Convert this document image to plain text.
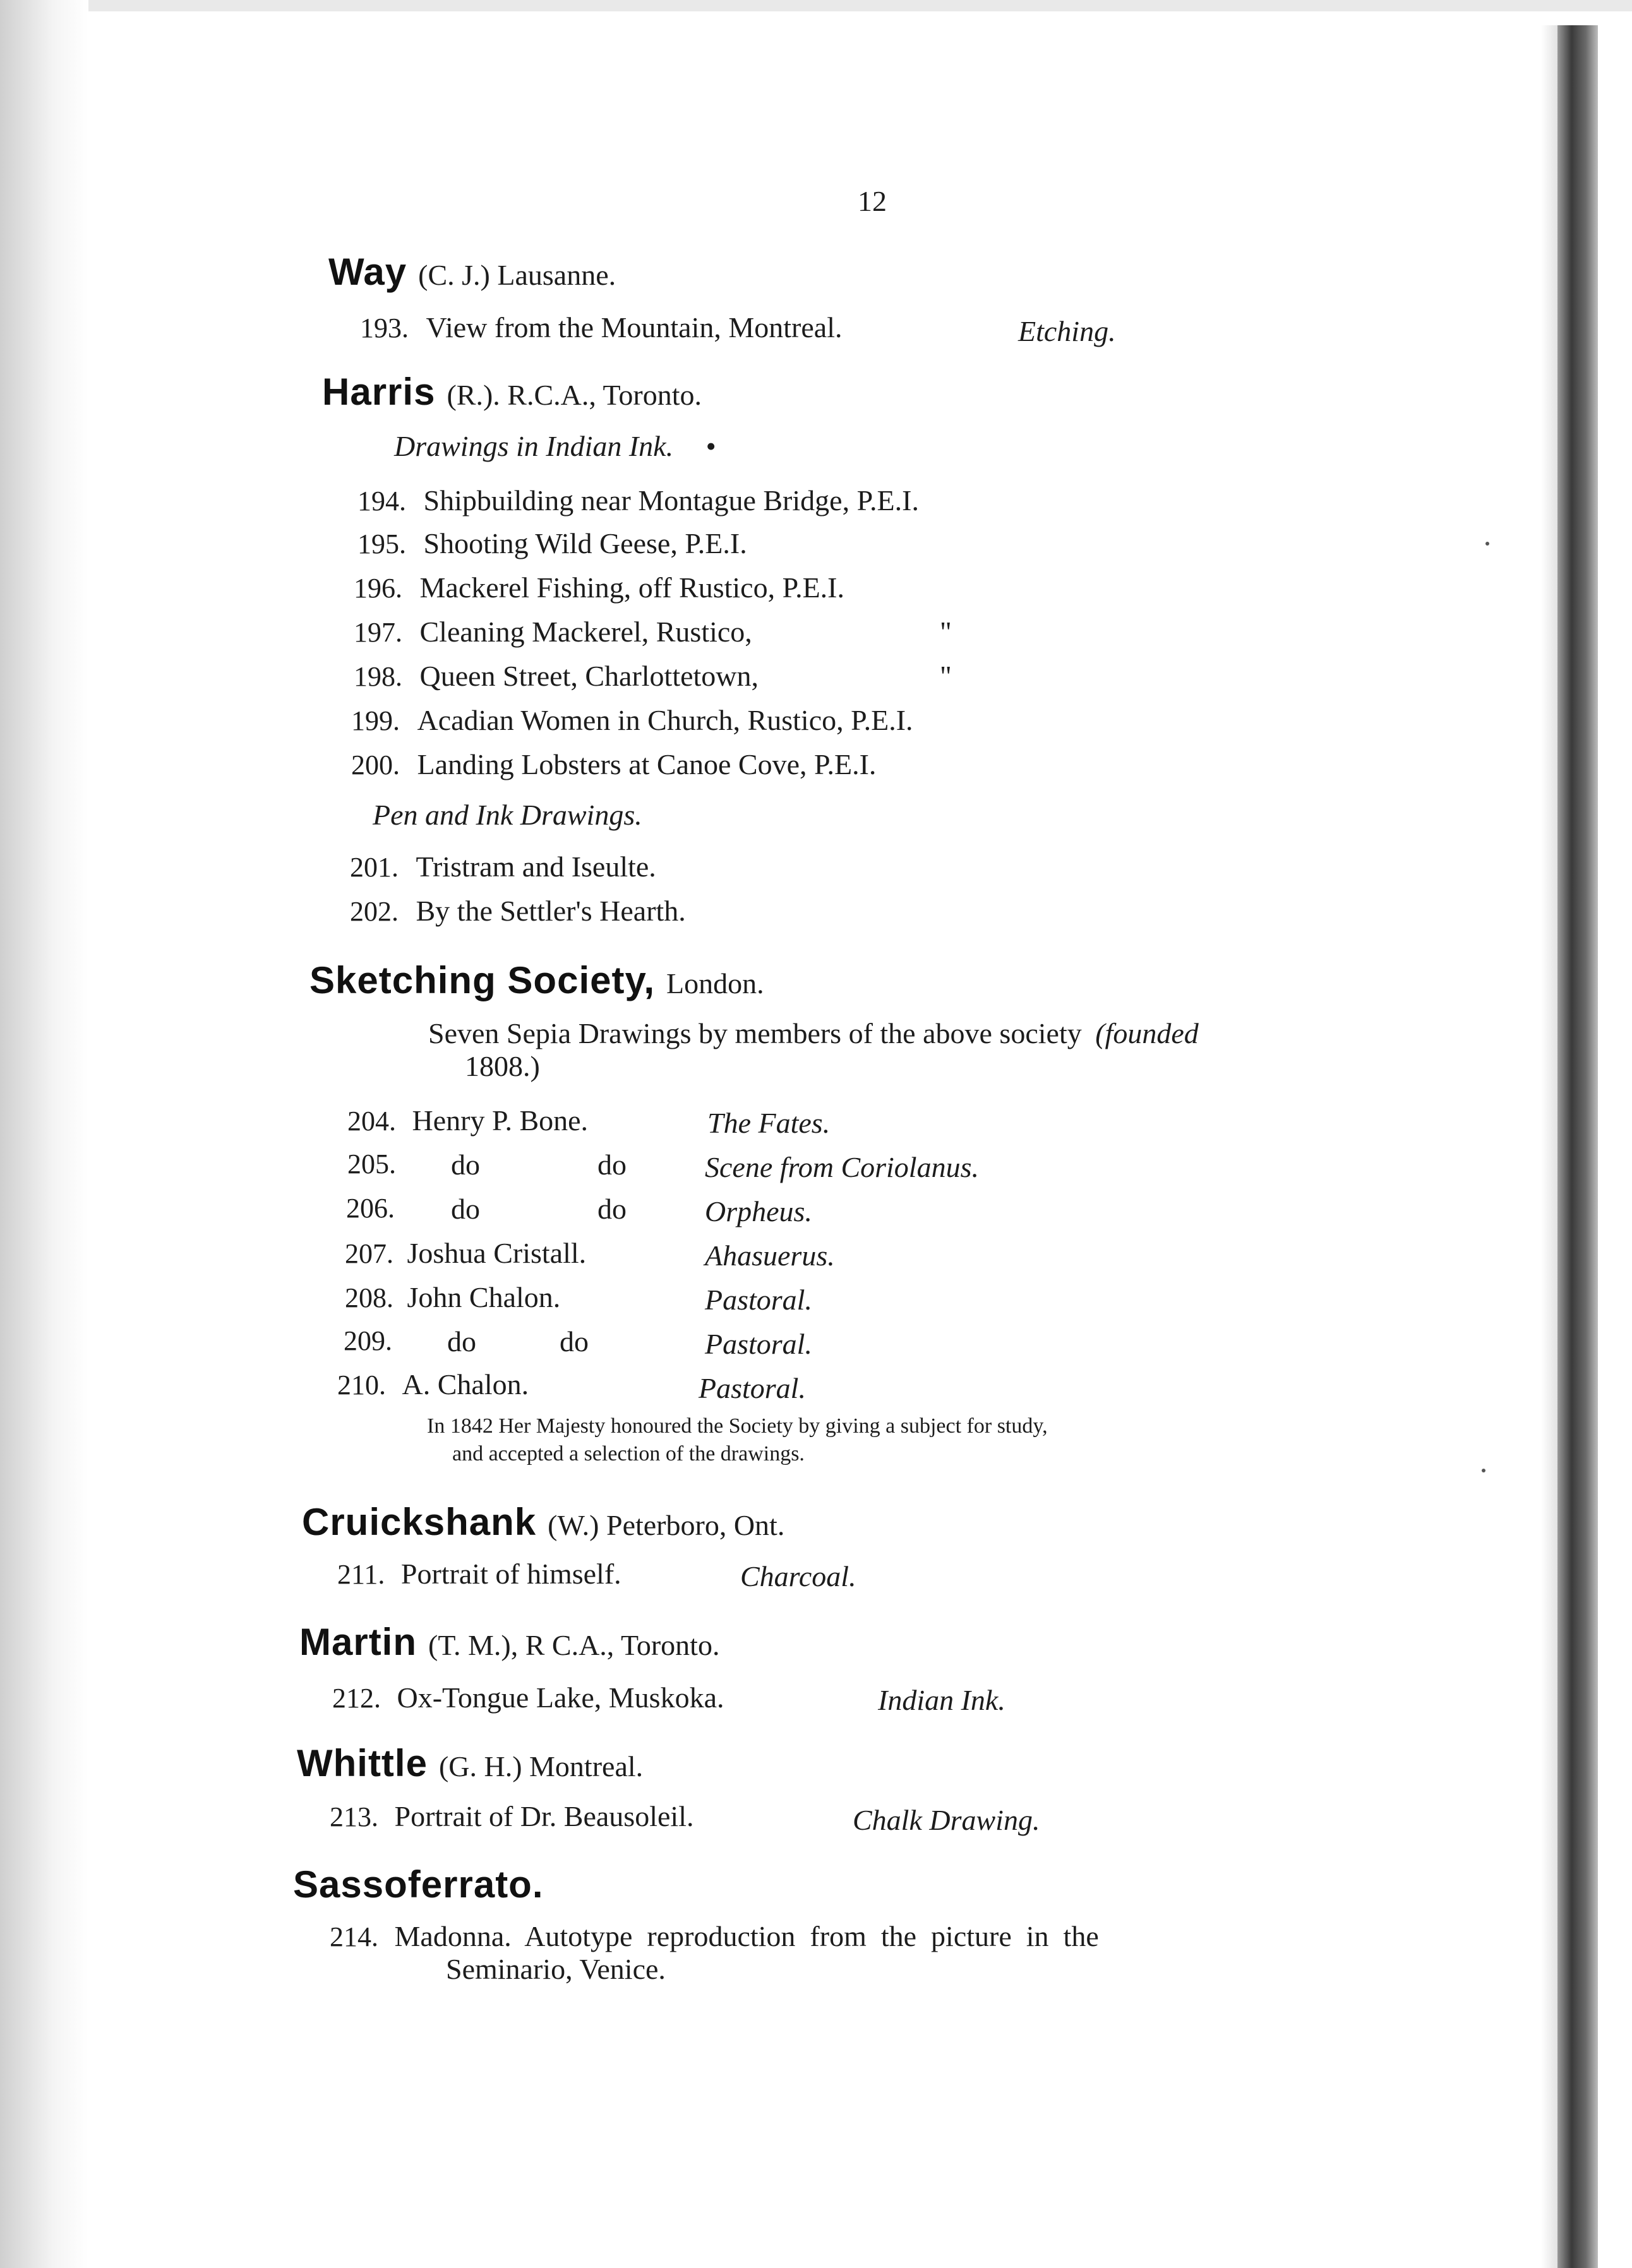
12
Way (C. J.) Lausanne.
193. View from the Mountain, Montreal.	Etching.
Harris (R.). R.C.A., Toronto.
Drawings in Indian Ink. •
194. Shipbuilding near Montague Bridge, P.E.I.
195. Shooting Wild Geese, P.E.I.
196. Mackerel Fishing, off Rustico, P.E.I.
197. Cleaning Mackerel, Rustico,	"
198. Queen Street, Charlottetown,	"
199. Acadian Women in Church, Rustico, P.E.I.
200. Landing Lobsters at Canoe Cove, P.E.I.
Pen and Ink Drawings.
201. Tristram and Iseulte.
202. By the Settler's Hearth.
Sketching Society, London.
Seven Sepia Drawings by members of the above society (founded
1808.)
204. Henry P. Bone.	The Fates.
205. do	do	Scene from Coriolanus.
206. do	do	Orpheus.
207. Joshua Cristall.	Ahasuerus.
208. John Chalon.	Pastoral.
209. do	do	Pastoral.
210. A. Chalon.	Pastoral.
In 1842 Her Majesty honoured the Society by giving a subject for study,
and accepted a selection of the drawings.
Cruickshank (W.) Peterboro, Ont.
211. Portrait of himself.	Charcoal.
Martin (T. M.), R C.A., Toronto.
212. Ox-Tongue Lake, Muskoka.	Indian Ink.
Whittle (G. H.) Montreal.
213. Portrait of Dr. Beausoleil.	Chalk Drawing.
Sassoferrato.
214. Madonna.  Autotype  reproduction  from  the  picture  in  the
Seminario, Venice.
